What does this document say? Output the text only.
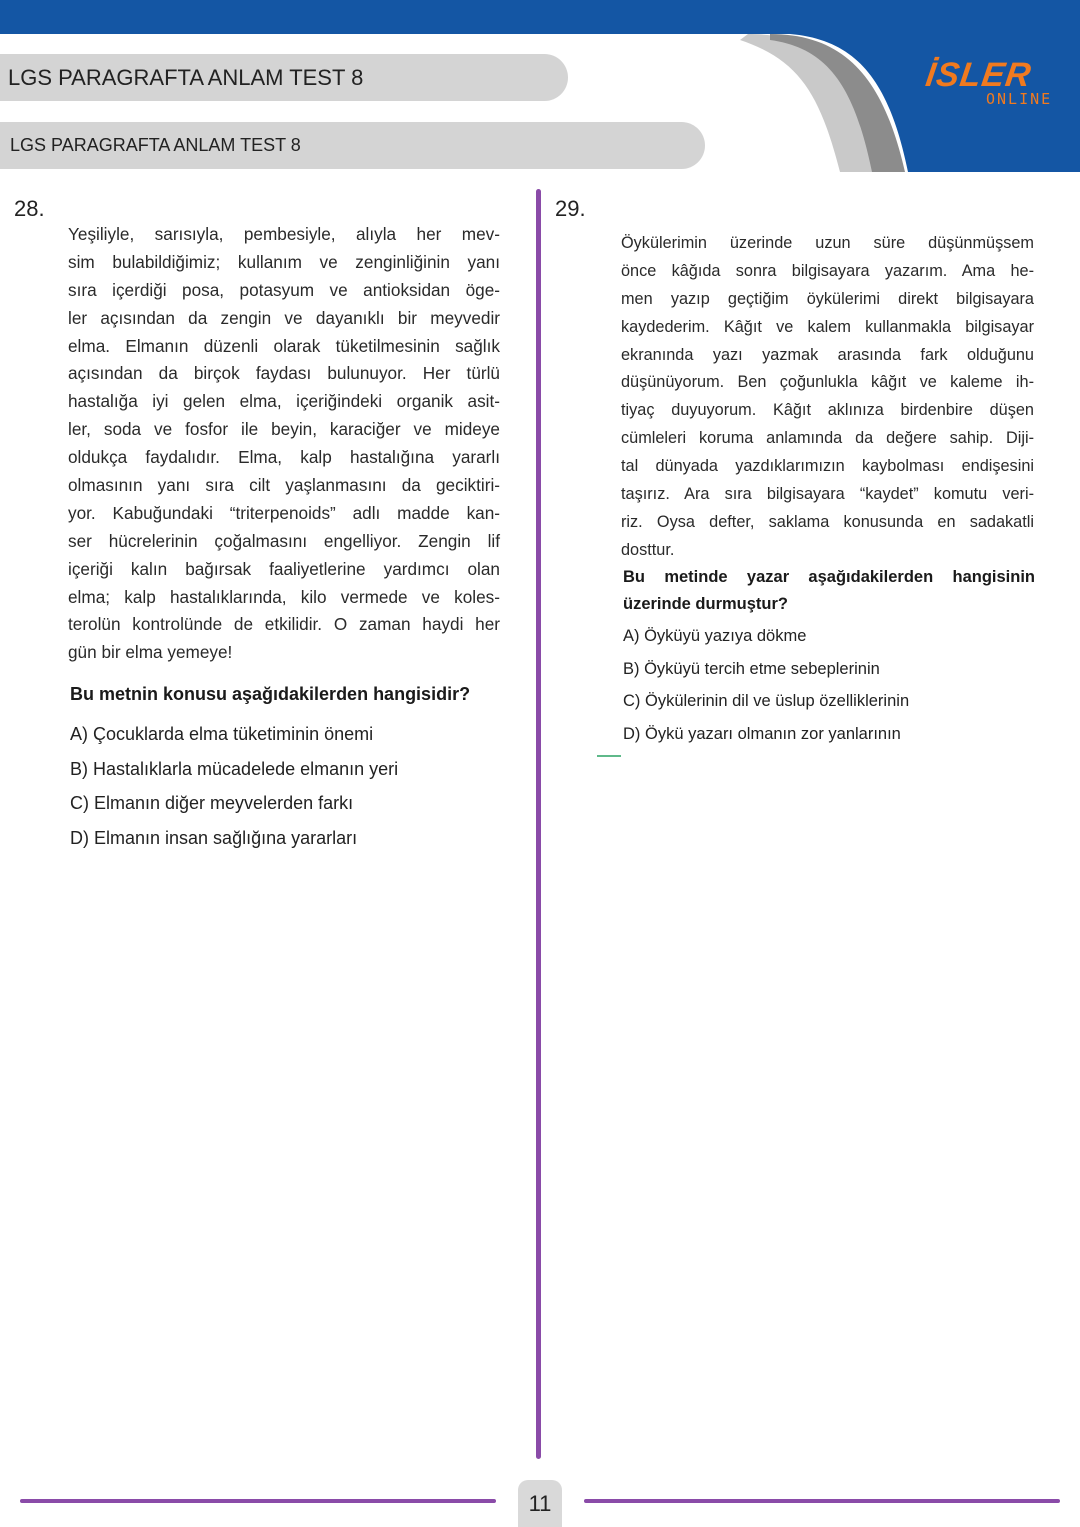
LGS PARAGRAFTA ANLAM TEST 8
LGS PARAGRAFTA ANLAM TEST 8
İSLER
ONLINE
28.
Yeşiliyle, sarısıyla, pembesiyle, alıyla her mev-
sim bulabildiğimiz; kullanım ve zenginliğinin yanı
sıra içerdiği posa, potasyum ve antioksidan öge-
ler açısından da zengin ve dayanıklı bir meyvedir
elma. Elmanın düzenli olarak tüketilmesinin sağlık
açısından da birçok faydası bulunuyor. Her türlü
hastalığa iyi gelen elma, içeriğindeki organik asit-
ler, soda ve fosfor ile beyin, karaciğer ve mideye
oldukça faydalıdır. Elma, kalp hastalığına yararlı
olmasının yanı sıra cilt yaşlanmasını da geciktiri-
yor. Kabuğundaki “triterpenoids” adlı madde kan-
ser hücrelerinin çoğalmasını engelliyor. Zengin lif
içeriği kalın bağırsak faaliyetlerine yardımcı olan
elma; kalp hastalıklarında, kilo vermede ve koles-
terolün kontrolünde de etkilidir. O zaman haydi her
gün bir elma yemeye!

Bu metnin konusu aşağıdakilerden hangisidir?

A) Çocuklarda elma tüketiminin önemi
B) Hastalıklarla mücadelede elmanın yeri
C) Elmanın diğer meyvelerden farkı
D) Elmanın insan sağlığına yararları
29.
Öykülerimin üzerinde uzun süre düşünmüşsem
önce kâğıda sonra bilgisayara yazarım. Ama he-
men yazıp geçtiğim öykülerimi direkt bilgisayara
kaydederim. Kâğıt ve kalem kullanmakla bilgisayar
ekranında yazı yazmak arasında fark olduğunu
düşünüyorum. Ben çoğunlukla kâğıt ve kaleme ih-
tiyaç duyuyorum. Kâğıt aklınıza birdenbire düşen
cümleleri koruma anlamında da değere sahip. Diji-
tal dünyada yazdıklarımızın kaybolması endişesini
taşırız. Ara sıra bilgisayara “kaydet” komutu veri-
riz. Oysa defter, saklama konusunda en sadakatli
dosttur.
Bu metinde yazar aşağıdakilerden hangisinin
üzerinde durmuştur?
A) Öyküyü yazıya dökme
B) Öyküyü tercih etme sebeplerinin
C) Öykülerinin dil ve üslup özelliklerinin
D) Öykü yazarı olmanın zor yanlarının
11
